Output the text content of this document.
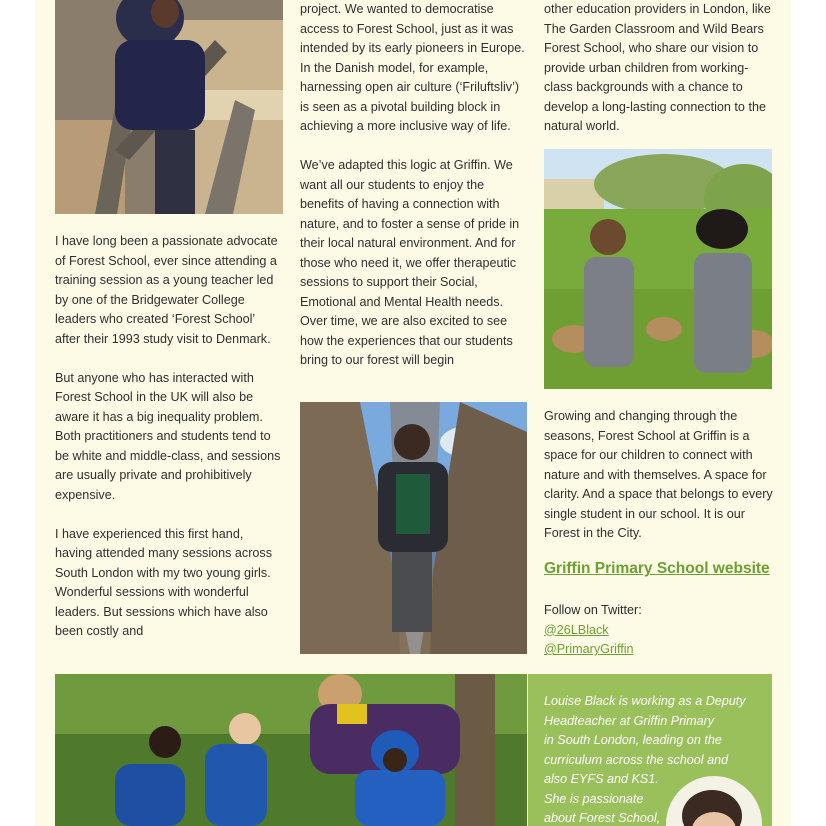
I have long been a passionate advocate of Forest School, ever since attending a training session as a young teacher led by one of the Bridgewater College leaders who created ‘Forest School’ after their 1993 study visit to Denmark.

But anyone who has interacted with Forest School in the UK will also be aware it has a big inequality problem. Both practitioners and students tend to be white and middle-class, and sessions are usually private and prohibitively expensive.

I have experienced this first hand, having attended many sessions across South London with my two young girls. Wonderful sessions with wonderful leaders. But sessions which have also been costly and

project. We wanted to democratise access to Forest School, just as it was intended by its early pioneers in Europe. In the Danish model, for example, harnessing open air culture (‘Friluftsliv’) is seen as a pivotal building block in achieving a more inclusive way of life.

We’ve adapted this logic at Griffin. We want all our students to enjoy the benefits of having a connection with nature, and to foster a sense of pride in their local natural environment. And for those who need it, we offer therapeutic sessions to support their Social, Emotional and Mental Health needs. Over time, we are also excited to see how the experiences that our students bring to our forest will begin

other education providers in London, like The Garden Classroom and Wild Bears Forest School, who share our vision to provide urban children from working-class backgrounds with a chance to develop a long-lasting connection to the natural world.

Growing and changing through the seasons, Forest School at Griffin is a space for our children to connect with nature and with themselves. A space for clarity. And a space that belongs to every single student in our school. It is our Forest in the City.

Griffin Primary School website
Follow on Twitter:
@26LBlack
@PrimaryGriffin
Louise Black is working as a Deputy
Headteacher at Griffin Primary
in South London, leading on the
curriculum across the school and
also EYFS and KS1.
She is passionate
about Forest School,
